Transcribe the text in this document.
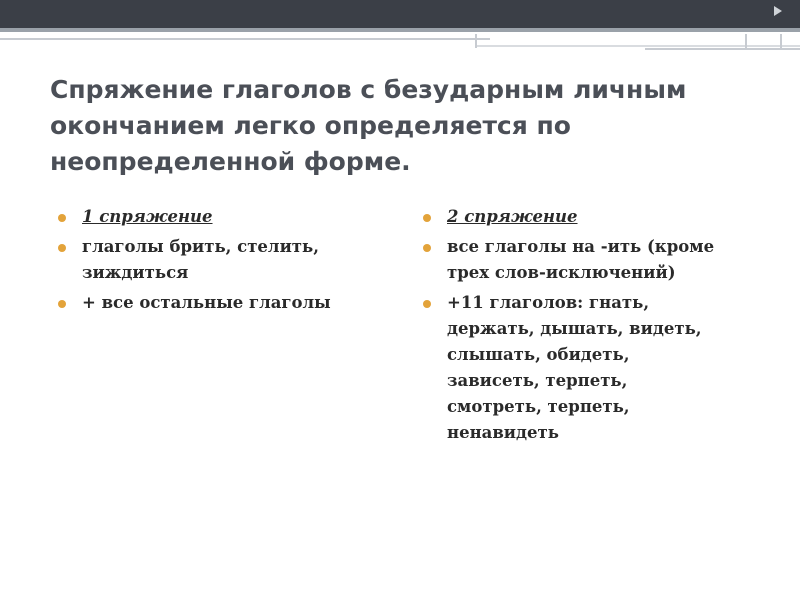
Спряжение глаголов с безударным личным окончанием легко определяется по неопределенной форме.
1 спряжение
глаголы брить, стелить, зиждиться
+ все остальные глаголы
2 спряжение
все глаголы на -ить (кроме трех слов-исключений)
+11 глаголов: гнать, держать, дышать, видеть, слышать, обидеть, зависеть, терпеть, смотреть, терпеть, ненавидеть
